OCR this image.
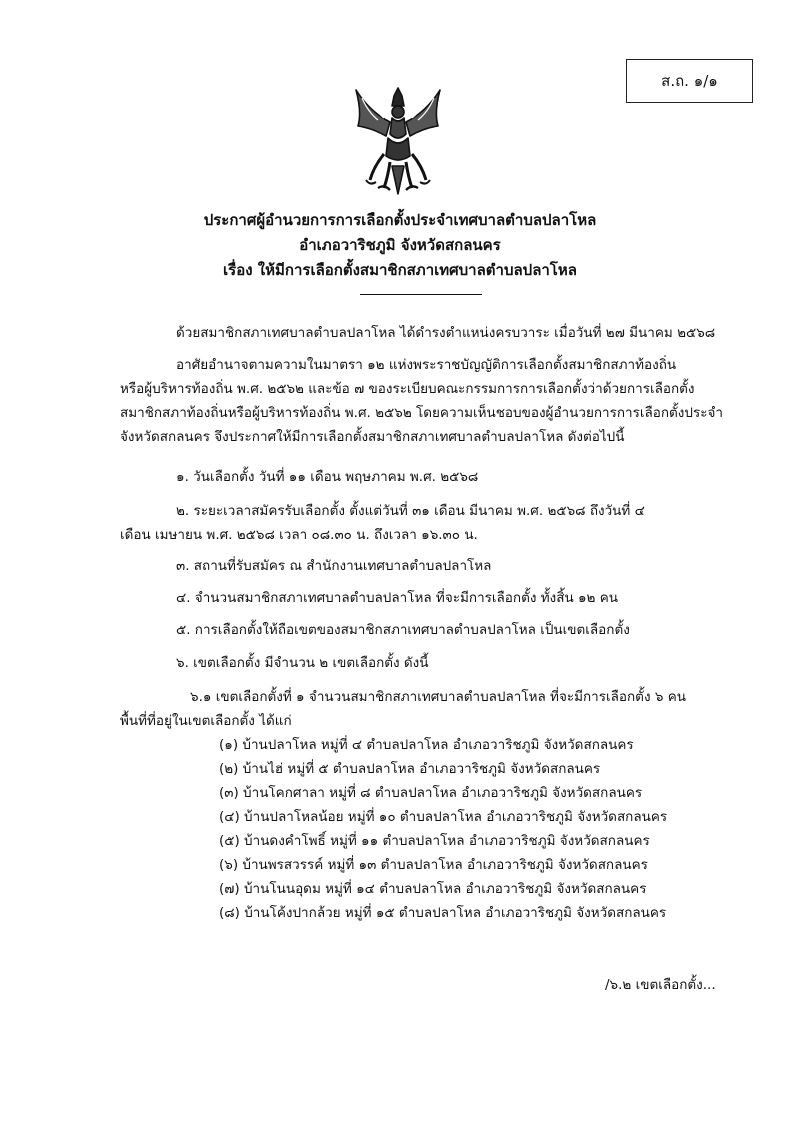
ส.ถ. ๑/๑
ประกาศผู้อำนวยการการเลือกตั้งประจำเทศบาลตำบลปลาโหล
อำเภอวาริชภูมิ จังหวัดสกลนคร
เรื่อง ให้มีการเลือกตั้งสมาชิกสภาเทศบาลตำบลปลาโหล
ด้วยสมาชิกสภาเทศบาลตำบลปลาโหล ได้ดำรงตำแหน่งครบวาระ เมื่อวันที่ ๒๗ มีนาคม ๒๕๖๘
อาศัยอำนาจตามความในมาตรา ๑๒ แห่งพระราชบัญญัติการเลือกตั้งสมาชิกสภาท้องถิ่น
หรือผู้บริหารท้องถิ่น พ.ศ. ๒๕๖๒ และข้อ ๗ ของระเบียบคณะกรรมการการเลือกตั้งว่าด้วยการเลือกตั้ง
สมาชิกสภาท้องถิ่นหรือผู้บริหารท้องถิ่น พ.ศ. ๒๕๖๒ โดยความเห็นชอบของผู้อำนวยการการเลือกตั้งประจำ
จังหวัดสกลนคร จึงประกาศให้มีการเลือกตั้งสมาชิกสภาเทศบาลตำบลปลาโหล ดังต่อไปนี้
๑. วันเลือกตั้ง วันที่ ๑๑ เดือน พฤษภาคม พ.ศ. ๒๕๖๘
๒. ระยะเวลาสมัครรับเลือกตั้ง ตั้งแต่วันที่ ๓๑ เดือน มีนาคม พ.ศ. ๒๕๖๘ ถึงวันที่ ๔
เดือน เมษายน พ.ศ. ๒๕๖๘ เวลา ๐๘.๓๐ น. ถึงเวลา ๑๖.๓๐ น.
๓. สถานที่รับสมัคร ณ สำนักงานเทศบาลตำบลปลาโหล
๔. จำนวนสมาชิกสภาเทศบาลตำบลปลาโหล ที่จะมีการเลือกตั้ง ทั้งสิ้น ๑๒ คน
๕. การเลือกตั้งให้ถือเขตของสมาชิกสภาเทศบาลตำบลปลาโหล เป็นเขตเลือกตั้ง
๖. เขตเลือกตั้ง มีจำนวน ๒ เขตเลือกตั้ง ดังนี้
๖.๑ เขตเลือกตั้งที่ ๑ จำนวนสมาชิกสภาเทศบาลตำบลปลาโหล ที่จะมีการเลือกตั้ง ๖ คน
พื้นที่ที่อยู่ในเขตเลือกตั้ง ได้แก่
(๑) บ้านปลาโหล หมู่ที่ ๔ ตำบลปลาโหล อำเภอวาริชภูมิ จังหวัดสกลนคร
(๒) บ้านไฮ่ หมู่ที่ ๕ ตำบลปลาโหล อำเภอวาริชภูมิ จังหวัดสกลนคร
(๓) บ้านโคกศาลา หมู่ที่ ๘ ตำบลปลาโหล อำเภอวาริชภูมิ จังหวัดสกลนคร
(๔) บ้านปลาโหลน้อย หมู่ที่ ๑๐ ตำบลปลาโหล อำเภอวาริชภูมิ จังหวัดสกลนคร
(๕) บ้านดงคำโพธิ์ หมู่ที่ ๑๑ ตำบลปลาโหล อำเภอวาริชภูมิ จังหวัดสกลนคร
(๖) บ้านพรสวรรค์ หมู่ที่ ๑๓ ตำบลปลาโหล อำเภอวาริชภูมิ จังหวัดสกลนคร
(๗) บ้านโนนอุดม หมู่ที่ ๑๔ ตำบลปลาโหล อำเภอวาริชภูมิ จังหวัดสกลนคร
(๘) บ้านโค้งปากล้วย หมู่ที่ ๑๕ ตำบลปลาโหล อำเภอวาริชภูมิ จังหวัดสกลนคร
/๖.๒ เขตเลือกตั้ง...
